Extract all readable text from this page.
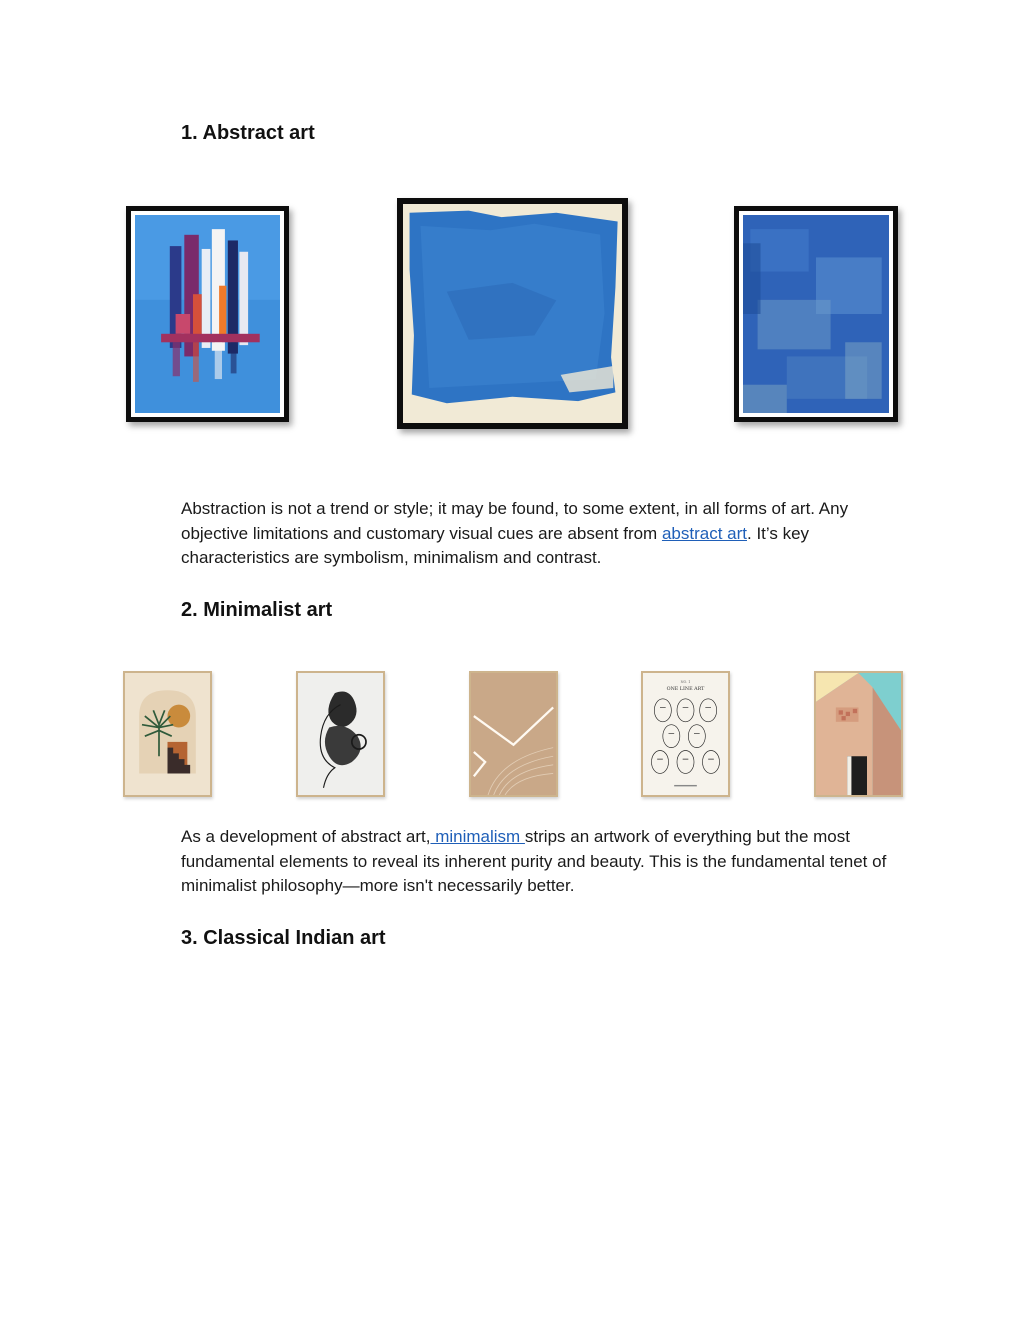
1. Abstract art

Abstraction is not a trend or style; it may be found, to some extent, in all forms of art. Any objective limitations and customary visual cues are absent from abstract art. It’s key characteristics are symbolism, minimalism and contrast.

2. Minimalist art
NO. 1
ONE LINE ART

As a development of abstract art, minimalism strips an artwork of everything but the most fundamental elements to reveal its inherent purity and beauty. This is the fundamental tenet of minimalist philosophy—more isn't necessarily better.

3. Classical Indian art
